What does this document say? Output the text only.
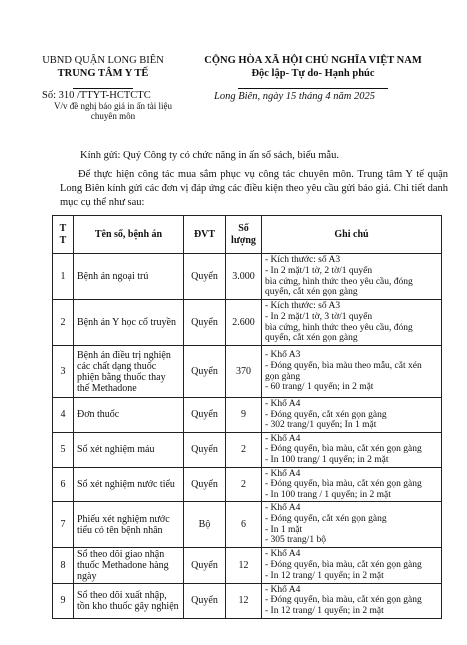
UBND QUẬN LONG BIÊN
TRUNG TÂM Y TẾ
CỘNG HÒA XÃ HỘI CHỦ NGHĨA VIỆT NAM
Độc lập- Tự do- Hạnh phúc
Số: 310 /TTYT-HCTCTC
V/v đề nghị báo giá in ấn tài liệu
chuyên môn
Long Biên, ngày 15 tháng 4 năm 2025
Kính gửi: Quý Công ty có chức năng in ấn sổ sách, biểu mẫu.
Để thực hiện công tác mua sắm phục vụ công tác chuyên môn. Trung tâm Y tế quận Long Biên kính gửi các đơn vị đáp ứng các điều kiện theo yêu cầu gửi báo giá. Chi tiết danh mục cụ thể như sau:
T T	Tên sổ, bệnh án	ĐVT	Số lượng	Ghi chú
1	Bệnh án ngoại trú	Quyển	3.000	- Kích thước: sổ A3
- In 2 mặt/1 tờ, 2 tờ/1 quyển
bìa cứng, hình thức theo yêu cầu, đóng
quyển, cắt xén gọn gàng

2	Bệnh án Y học cổ truyền	Quyển	2.600	- Kích thước: sổ A3
- In 2 mặt/1 tờ, 3 tờ/1 quyển
bìa cứng, hình thức theo yêu cầu, đóng
quyển, cắt xén gọn gàng

3	Bệnh án điều trị nghiện các chất dạng thuốc phiện bằng thuốc thay thế Methadone	Quyển	370	- Khổ A3
- Đóng quyển, bìa màu theo mẫu, cắt xén
gọn gàng
- 60 trang/ 1 quyển; in 2 mặt

4	Đơn thuốc	Quyển	9	- Khổ A4
- Đóng quyển, cắt xén gọn gàng
- 302 trang/1 quyển; In 1 mặt

5	Sổ xét nghiệm máu	Quyển	2	- Khổ A4
- Đóng quyển, bìa màu, cắt xén gọn gàng
- In 100 trang/ 1 quyển; in 2 mặt

6	Sổ xét nghiệm nước tiểu	Quyển	2	- Khổ A4
- Đóng quyển, bìa màu, cắt xén gọn gàng
- In 100 trang / 1 quyển; in 2 mặt

7	Phiếu xét nghiệm nước tiểu có tên bệnh nhân	Bộ	6	- Khổ A4
- Đóng quyển, cắt xén gọn gàng
- In 1 mặt
- 305 trang/1 bộ

8	Sổ theo dõi giao nhận thuốc Methadone hàng ngày	Quyển	12	- Khổ A4
- Đóng quyển, bìa màu, cắt xén gọn gàng
- In 12 trang/ 1 quyển; in 2 mặt

9	Sổ theo dõi xuất nhập, tồn kho thuốc gây nghiện	Quyển	12	- Khổ A4
- Đóng quyển, bìa màu, cắt xén gọn gàng
- In 12 trang/ 1 quyển; in 2 mặt
